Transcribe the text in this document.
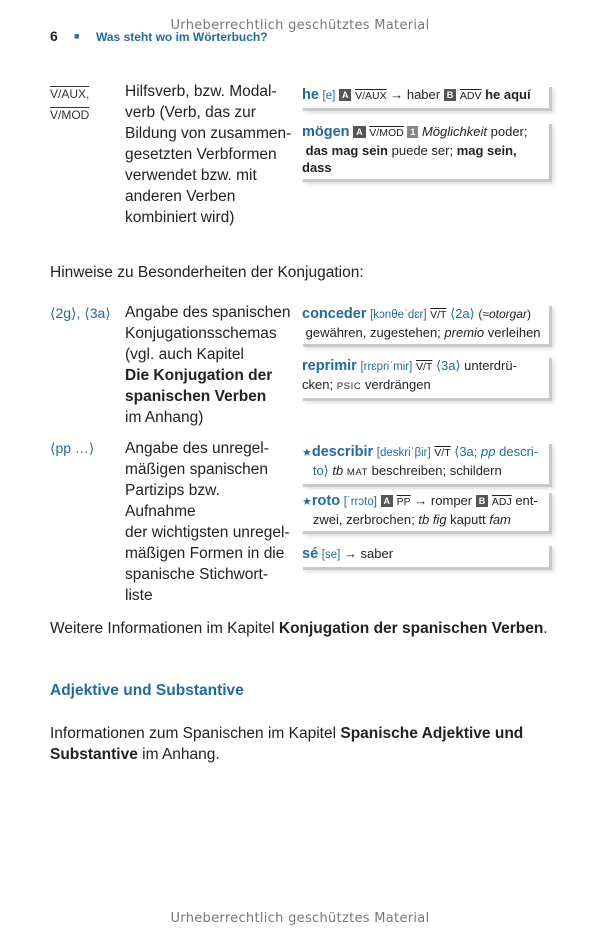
Urheberrechtlich geschütztes Material
6 ■ Was steht wo im Wörterbuch?
V/AUX,
V/MOD
Hilfsverb, bzw. Modal-
verb (Verb, das zur
Bildung von zusammen-
gesetzten Verbformen
verwendet bzw. mit
anderen Verben
kombiniert wird)
he [e] A V/AUX → haber B $\overline{ADV}$ he aquí
mögen A V/MOD 1 Möglichkeit poder;
das mag sein puede ser; mag sein, dass
Hinweise zu Besonderheiten der Konjugation:
⟨2g⟩, ⟨3a⟩ Angabe des spanischen
Konjugationsschemas
(vgl. auch Kapitel
Die Konjugation der
spanischen Verben
im Anhang)
conceder [kɔnθeˈdɛr] V/T ⟨2a⟩ (≈otorgar)
gewähren, zugestehen; premio verleihen
reprimir [rrɛpriˈmir] V/T ⟨3a⟩ unterdrü-
cken; PSIC verdrängen
⟨pp …⟩ Angabe des unregel-
mäßigen spanischen
Partizips bzw. Aufnahme
der wichtigsten unregel-
mäßigen Formen in die
spanische Stichwort-
liste
★describir [deskriˈβir] V/T ⟨3a; pp descri-
to⟩ tb MAT beschreiben; schildern
★roto [ˈrrɔto] A $\overline{PP}$ → romper B $\overline{ADJ}$ ent-
zwei, zerbrochen; tb fig kaputt fam
sé [se] → saber
Weitere Informationen im Kapitel Konjugation der spanischen Verben.
Adjektive und Substantive
Informationen zum Spanischen im Kapitel Spanische Adjektive und
Substantive im Anhang.
Urheberrechtlich geschütztes Material
